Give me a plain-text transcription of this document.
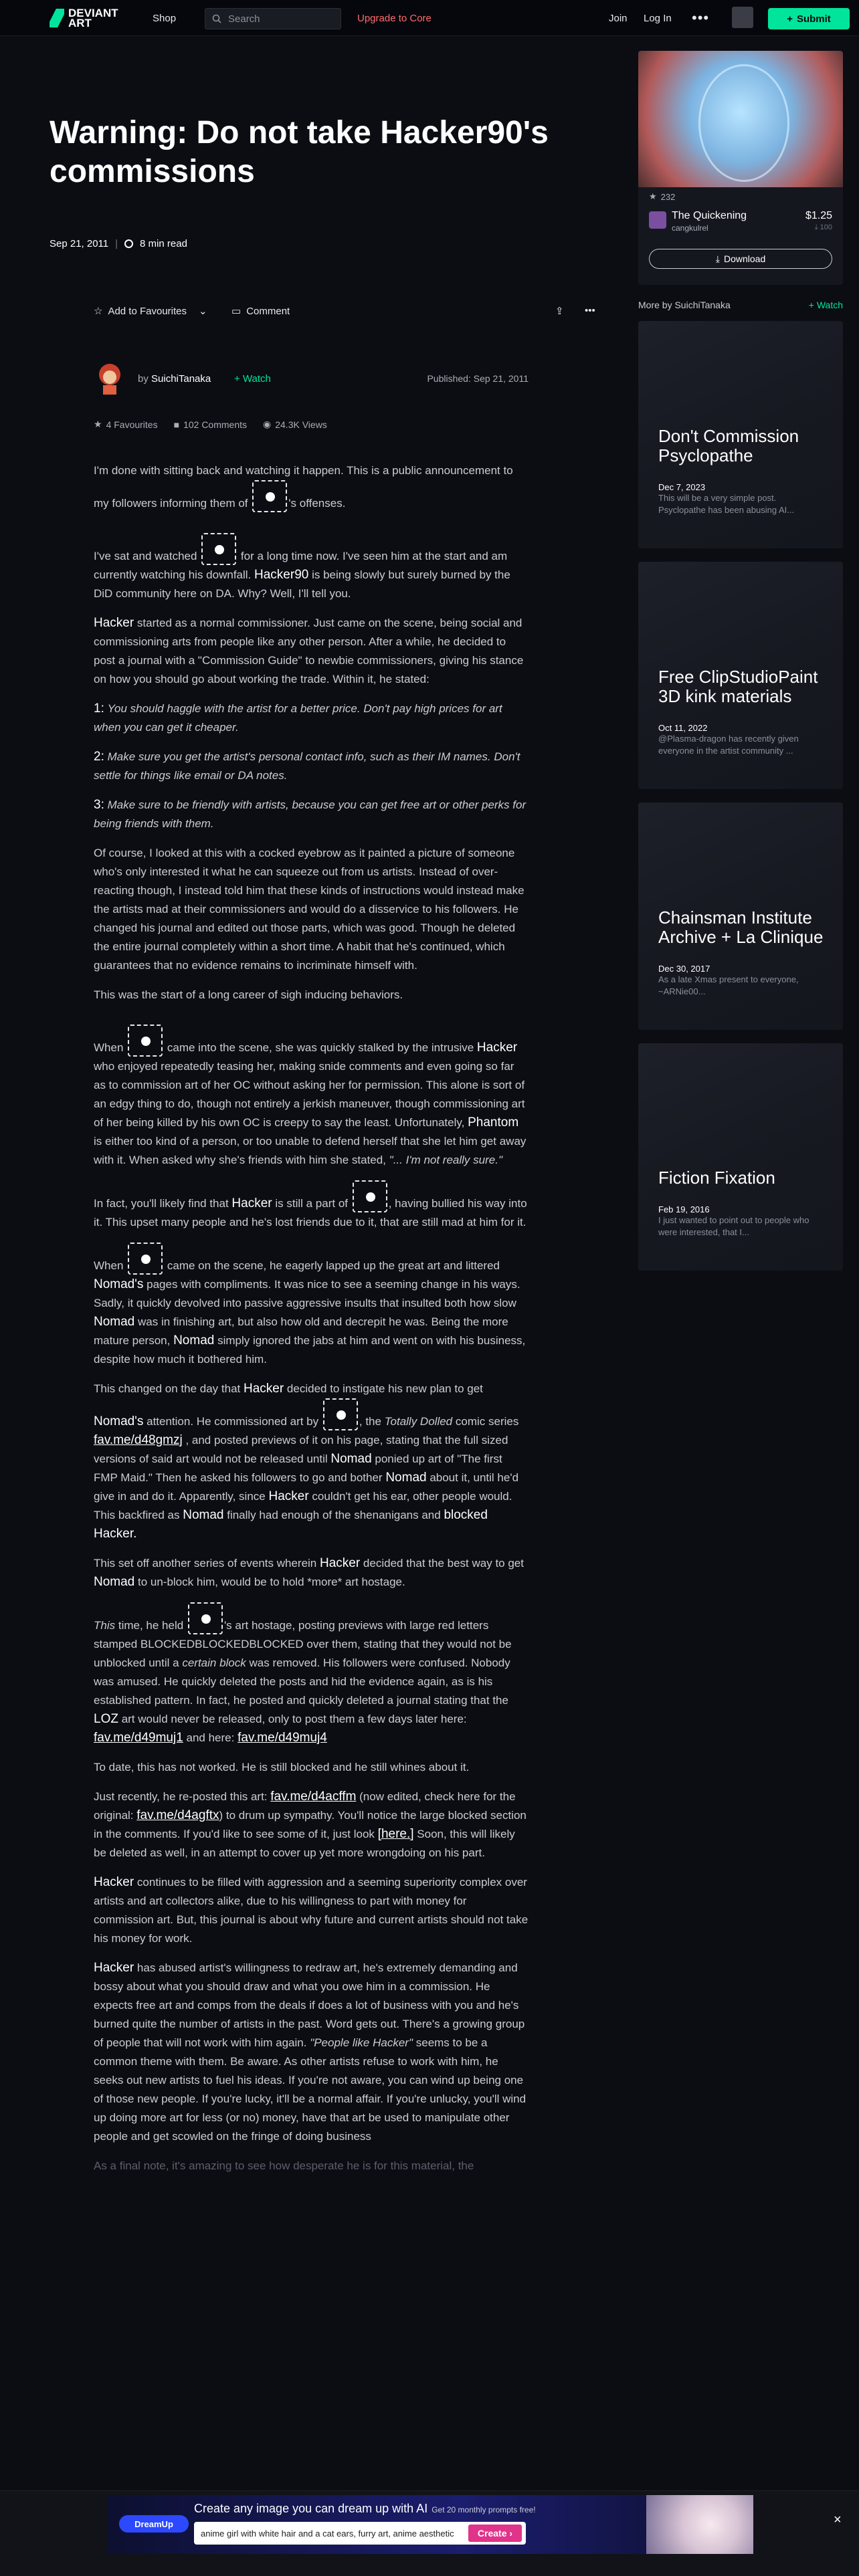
DEVIANT ART	Shop	Search	Upgrade to Core	Join Log In •••	+ Submit
Warning: Do not take Hacker90's commissions
Sep 21, 2011 | 8 min read
☆ Add to Favourites ⌄ ▭ Comment	⇪ •••
by SuichiTanaka + Watch	Published: Sep 21, 2011
★ 4 Favourites ■ 102 Comments ◉ 24.3K Views

I'm done with sitting back and watching it happen. This is a public announcement to my followers informing them of	's offenses.

I've sat and watched	for a long time now. I've seen him at the start and am currently watching his downfall. Hacker90 is being slowly but surely burned by the DiD community here on DA. Why? Well, I'll tell you.

Hacker started as a normal commissioner. Just came on the scene, being social and commissioning arts from people like any other person. After a while, he decided to post a journal with a "Commission Guide" to newbie commissioners, giving his stance on how you should go about working the trade. Within it, he stated:

1: You should haggle with the artist for a better price. Don't pay high prices for art when you can get it cheaper.

2: Make sure you get the artist's personal contact info, such as their IM names. Don't settle for things like email or DA notes.

3: Make sure to be friendly with artists, because you can get free art or other perks for being friends with them.

Of course, I looked at this with a cocked eyebrow as it painted a picture of someone who's only interested it what he can squeeze out from us artists. Instead of over-reacting though, I instead told him that these kinds of instructions would instead make the artists mad at their commissioners and would do a disservice to his followers. He changed his journal and edited out those parts, which was good. Though he deleted the entire journal completely within a short time. A habit that he's continued, which guarantees that no evidence remains to incriminate himself with.

This was the start of a long career of sigh inducing behaviors.

When	came into the scene, she was quickly stalked by the intrusive Hacker who enjoyed repeatedly teasing her, making snide comments and even going so far as to commission art of her OC without asking her for permission. This alone is sort of an edgy thing to do, though not entirely a jerkish maneuver, though commissioning art of her being killed by his own OC is creepy to say the least. Unfortunately, Phantom is either too kind of a person, or too unable to defend herself that she let him get away with it. When asked why she's friends with him she stated, "... I'm not really sure."

In fact, you'll likely find that Hacker is still a part of	, having bullied his way into it. This upset many people and he's lost friends due to it, that are still mad at him for it.

When	came on the scene, he eagerly lapped up the great art and littered Nomad's pages with compliments. It was nice to see a seeming change in his ways. Sadly, it quickly devolved into passive aggressive insults that insulted both how slow Nomad was in finishing art, but also how old and decrepit he was. Being the more mature person, Nomad simply ignored the jabs at him and went on with his business, despite how much it bothered him.

This changed on the day that Hacker decided to instigate his new plan to get Nomad's attention. He commissioned art by	, the Totally Dolled comic series fav.me/d48gmzj , and posted previews of it on his page, stating that the full sized versions of said art would not be released until Nomad ponied up art of "The first FMP Maid." Then he asked his followers to go and bother Nomad about it, until he'd give in and do it. Apparently, since Hacker couldn't get his ear, other people would. This backfired as Nomad finally had enough of the shenanigans and blocked Hacker.

This set off another series of events wherein Hacker decided that the best way to get Nomad to un-block him, would be to hold *more* art hostage.

This time, he held	's art hostage, posting previews with large red letters stamped BLOCKEDBLOCKEDBLOCKED over them, stating that they would not be unblocked until a certain block was removed. His followers were confused. Nobody was amused. He quickly deleted the posts and hid the evidence again, as is his established pattern. In fact, he posted and quickly deleted a journal stating that the LOZ art would never be released, only to post them a few days later here: fav.me/d49muj1 and here: fav.me/d49muj4

To date, this has not worked. He is still blocked and he still whines about it.

Just recently, he re-posted this art: fav.me/d4acffm (now edited, check here for the original: fav.me/d4agftx) to drum up sympathy. You'll notice the large blocked section in the comments. If you'd like to see some of it, just look [here.] Soon, this will likely be deleted as well, in an attempt to cover up yet more wrongdoing on his part.

Hacker continues to be filled with aggression and a seeming superiority complex over artists and art collectors alike, due to his willingness to part with money for commission art. But, this journal is about why future and current artists should not take his money for work.

Hacker has abused artist's willingness to redraw art, he's extremely demanding and bossy about what you should draw and what you owe him in a commission. He expects free art and comps from the deals if does a lot of business with you and he's burned quite the number of artists in the past. Word gets out. There's a growing group of people that will not work with him again. "People like Hacker" seems to be a common theme with them. Be aware. As other artists refuse to work with him, he seeks out new artists to fuel his ideas. If you're not aware, you can wind up being one of those new people. If you're lucky, it'll be a normal affair. If you're unlucky, you'll wind up doing more art for less (or no) money, have that art be used to manipulate other people and get scowled on the fringe of doing business

As a final note, it's amazing to see how desperate he is for this material, the

★ 232
The Quickening
cangkulrel
$1.25
⤓ 100
⤓ Download
More by SuichiTanaka	+ Watch
Don't Commission Psyclopathe
Dec 7, 2023
This will be a very simple post. Psyclopathe has been abusing AI...
Free ClipStudioPaint 3D kink materials
Oct 11, 2022
@Plasma-dragon has recently given everyone in the artist community ...
Chainsman Institute Archive + La Clinique
Dec 30, 2017
As a late Xmas present to everyone, ~ARNie00...
Fiction Fixation
Feb 19, 2016
I just wanted to point out to people who were interested, that I...
DreamUp
Create any image you can dream up with AI Get 20 monthly prompts free!
anime girl with white hair and a cat ears, furry art, anime aesthetic	Create ›
×
